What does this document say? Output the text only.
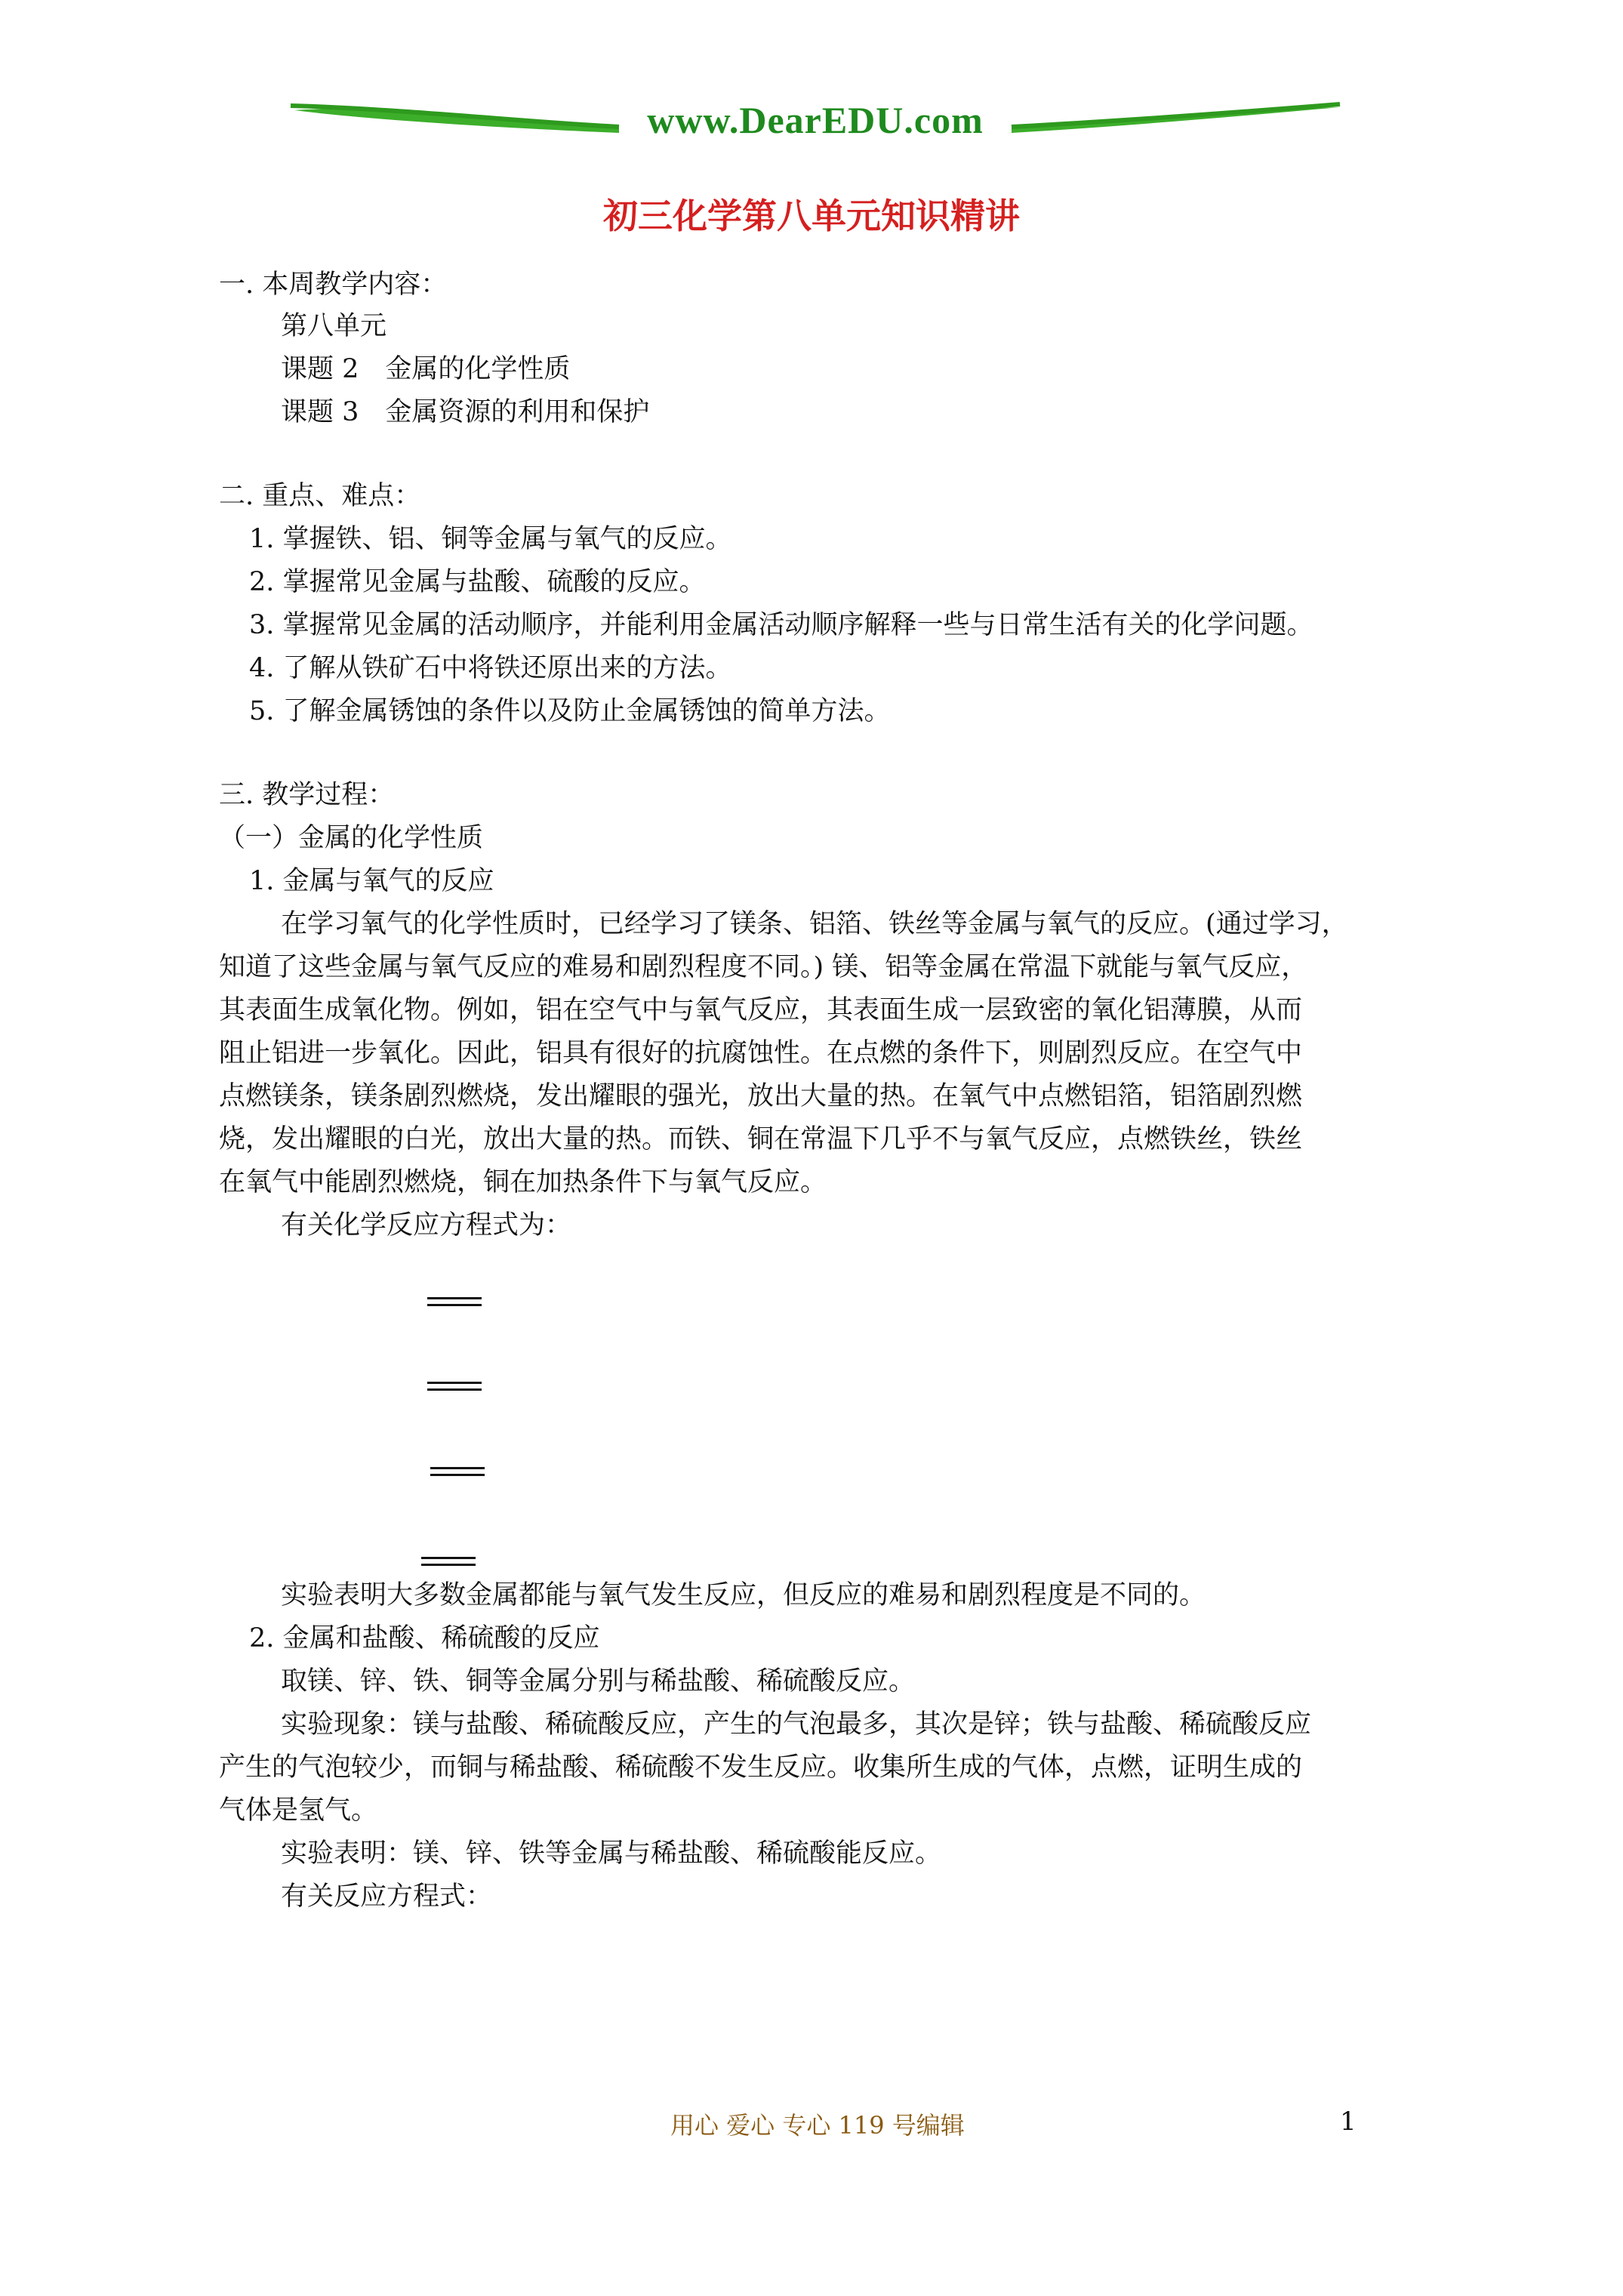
www.DearEDU.com
初三化学第八单元知识精讲
一. 本周教学内容：
第八单元
课题 2　金属的化学性质
课题 3　金属资源的利用和保护
二. 重点、难点：
1. 掌握铁、铝、铜等金属与氧气的反应。
2. 掌握常见金属与盐酸、硫酸的反应。
3. 掌握常见金属的活动顺序，并能利用金属活动顺序解释一些与日常生活有关的化学问题。
4. 了解从铁矿石中将铁还原出来的方法。
5. 了解金属锈蚀的条件以及防止金属锈蚀的简单方法。
三. 教学过程：
（一）金属的化学性质
1. 金属与氧气的反应
在学习氧气的化学性质时，已经学习了镁条、铝箔、铁丝等金属与氧气的反应。(通过学习，
知道了这些金属与氧气反应的难易和剧烈程度不同。) 镁、铝等金属在常温下就能与氧气反应，
其表面生成氧化物。例如，铝在空气中与氧气反应，其表面生成一层致密的氧化铝薄膜，从而
阻止铝进一步氧化。因此，铝具有很好的抗腐蚀性。在点燃的条件下，则剧烈反应。在空气中
点燃镁条，镁条剧烈燃烧，发出耀眼的强光，放出大量的热。在氧气中点燃铝箔，铝箔剧烈燃
烧，发出耀眼的白光，放出大量的热。而铁、铜在常温下几乎不与氧气反应，点燃铁丝，铁丝
在氧气中能剧烈燃烧，铜在加热条件下与氧气反应。
有关化学反应方程式为：
实验表明大多数金属都能与氧气发生反应，但反应的难易和剧烈程度是不同的。
2. 金属和盐酸、稀硫酸的反应
取镁、锌、铁、铜等金属分别与稀盐酸、稀硫酸反应。
实验现象：镁与盐酸、稀硫酸反应，产生的气泡最多，其次是锌；铁与盐酸、稀硫酸反应
产生的气泡较少，而铜与稀盐酸、稀硫酸不发生反应。收集所生成的气体，点燃，证明生成的
气体是氢气。
实验表明：镁、锌、铁等金属与稀盐酸、稀硫酸能反应。
有关反应方程式：
用心 爱心 专心 119 号编辑	1
